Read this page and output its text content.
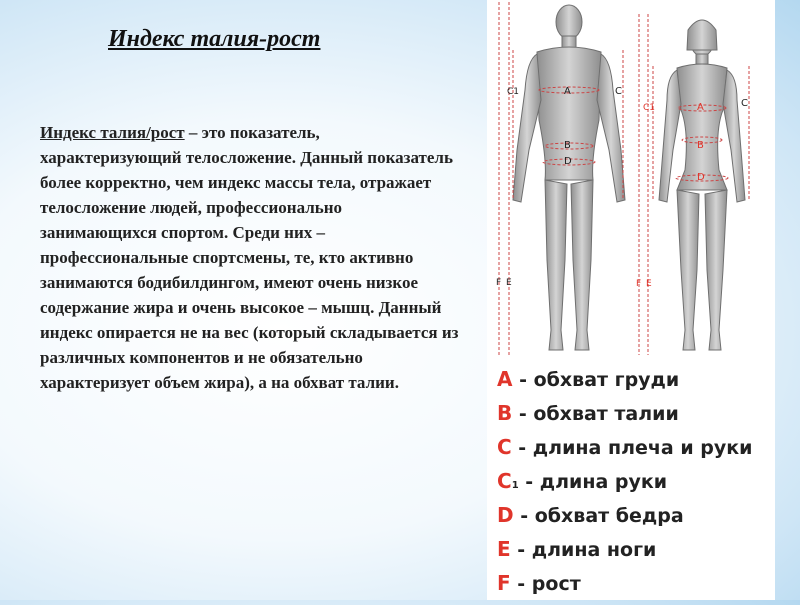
Индекс талия-рост
Индекс талия/рост – это показатель, характеризующий телосложение. Данный показатель более корректно, чем индекс массы тела, отражает телосложение людей, профессионально занимающихся спортом. Среди них – профессиональные спортсмены, те, кто активно занимаются бодибилдингом, имеют очень низкое содержание жира и очень высокое – мышц. Данный индекс опирается не на вес (который складывается из различных компонентов и не обязательно характеризует объем жира), а на обхват талии.
C1	C
A
B
D
F E
C1	C
A
B
D
F E
A - обхват груди
B - обхват талии
C - длина плеча и руки
C1 - длина руки
D - обхват бедра
E - длина ноги
F - рост
